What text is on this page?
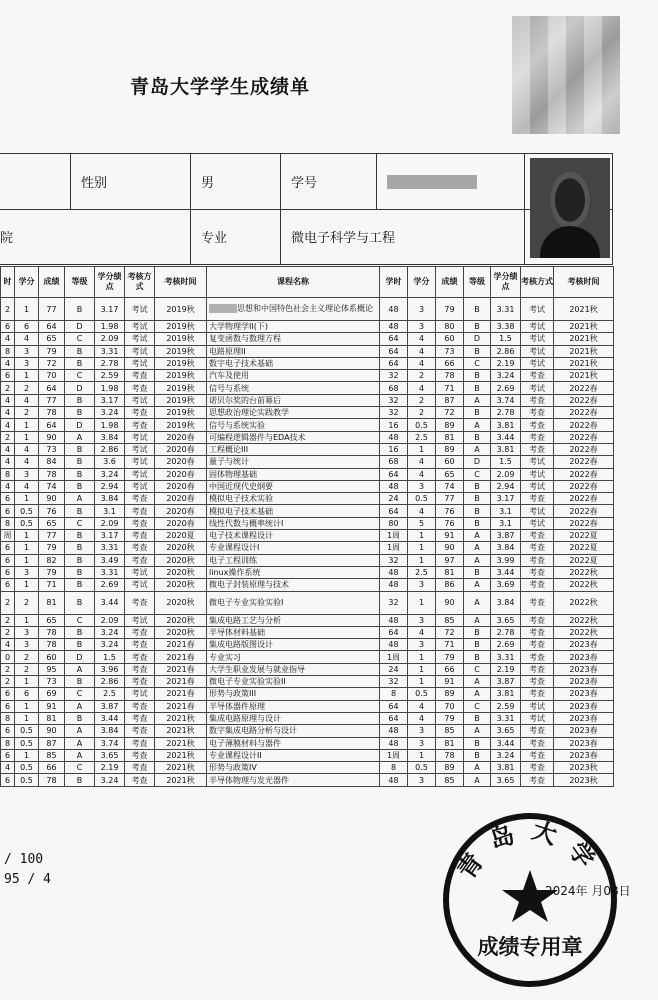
青岛大学学生成绩单
性别	男	学号
院	专业	微电子科学与工程
时	学分	成绩	等级	学分绩点	考核方式	考核时间	课程名称	学时	学分	成绩	等级	学分绩点	考核方式	考核时间
2	1	77	B	3.17	考试	2019秋	思想和中国特色社会主义理论体系概论	48	3	79	B	3.31	考试	2021秋
6	6	64	D	1.98	考试	2019秋	大学物理学II(下)	48	3	80	B	3.38	考试	2021秋
4	4	65	C	2.09	考试	2019秋	复变函数与数理方程	64	4	60	D	1.5	考试	2021秋
8	3	79	B	3.31	考试	2019秋	电路原理II	64	4	73	B	2.86	考试	2021秋
4	3	72	B	2.78	考试	2019秋	数字电子技术基础	64	4	66	C	2.19	考试	2021秋
6	1	70	C	2.59	考查	2019秋	汽车及使用	32	2	78	B	3.24	考查	2021秋
2	2	64	D	1.98	考查	2019秋	信号与系统	68	4	71	B	2.69	考试	2022春
4	4	77	B	3.17	考试	2019秋	诺贝尔奖的台前幕后	32	2	87	A	3.74	考查	2022春
4	2	78	B	3.24	考查	2019秋	思想政治理论实践教学	32	2	72	B	2.78	考查	2022春
4	1	64	D	1.98	考查	2019秋	信号与系统实验	16	0.5	89	A	3.81	考查	2022春
2	1	90	A	3.84	考试	2020春	可编程逻辑器件与EDA技术	48	2.5	81	B	3.44	考查	2022春
4	4	73	B	2.86	考试	2020春	工程概论III	16	1	89	A	3.81	考查	2022春
4	4	84	B	3.6	考试	2020春	量子与统计	68	4	60	D	1.5	考试	2022春
8	3	78	B	3.24	考试	2020春	固体物理基础	64	4	65	C	2.09	考试	2022春
4	4	74	B	2.94	考试	2020春	中国近现代史纲要	48	3	74	B	2.94	考试	2022春
6	1	90	A	3.84	考查	2020春	模拟电子技术实验	24	0.5	77	B	3.17	考查	2022春
6	0.5	76	B	3.1	考查	2020春	模拟电子技术基础	64	4	76	B	3.1	考试	2022春
8	0.5	65	C	2.09	考查	2020春	线性代数与概率统计I	80	5	76	B	3.1	考试	2022春
周	1	77	B	3.17	考查	2020夏	电子技术课程设计	1周	1	91	A	3.87	考查	2022夏
6	1	79	B	3.31	考查	2020秋	专业课程设计I	1周	1	90	A	3.84	考查	2022夏
6	1	82	B	3.49	考查	2020秋	电子工程训练	32	1	97	A	3.99	考查	2022夏
6	3	79	B	3.31	考试	2020秋	linux操作系统	48	2.5	81	B	3.44	考查	2022秋
6	1	71	B	2.69	考试	2020秋	微电子封装原理与技术	48	3	86	A	3.69	考查	2022秋
2	2	81	B	3.44	考查	2020秋	微电子专业实验实验I	32	1	90	A	3.84	考查	2022秋
2	1	65	C	2.09	考试	2020秋	集成电路工艺与分析	48	3	85	A	3.65	考查	2022秋
2	3	78	B	3.24	考查	2020秋	半导体材料基础	64	4	72	B	2.78	考查	2022秋
4	3	78	B	3.24	考查	2021春	集成电路版图设计	48	3	71	B	2.69	考查	2023春
0	2	60	D	1.5	考查	2021春	专业实习	1周	1	79	B	3.31	考查	2023春
2	2	95	A	3.96	考查	2021春	大学生职业发展与就业指导	24	1	66	C	2.19	考查	2023春
2	1	73	B	2.86	考查	2021春	微电子专业实验实验II	32	1	91	A	3.87	考查	2023春
6	6	69	C	2.5	考试	2021春	形势与政策III	8	0.5	89	A	3.81	考查	2023春
6	1	91	A	3.87	考查	2021春	半导体器件原理	64	4	70	C	2.59	考试	2023春
8	1	81	B	3.44	考查	2021秋	集成电路原理与设计	64	4	79	B	3.31	考试	2023春
6	0.5	90	A	3.84	考查	2021秋	数字集成电路分析与设计	48	3	85	A	3.65	考查	2023春
8	0.5	87	A	3.74	考查	2021秋	电子薄膜材料与器件	48	3	81	B	3.44	考查	2023春
6	1	85	A	3.65	考查	2021秋	专业课程设计II	1周	1	78	B	3.24	考查	2023春
4	0.5	66	C	2.19	考查	2021秋	形势与政策IV	8	0.5	89	A	3.81	考查	2023秋
6	0.5	78	B	3.24	考查	2021秋	半导体物理与发光器件	48	3	85	A	3.65	考查	2023秋
/ 100
95 / 4	青岛大学
成绩专用章
2024年 月08日
